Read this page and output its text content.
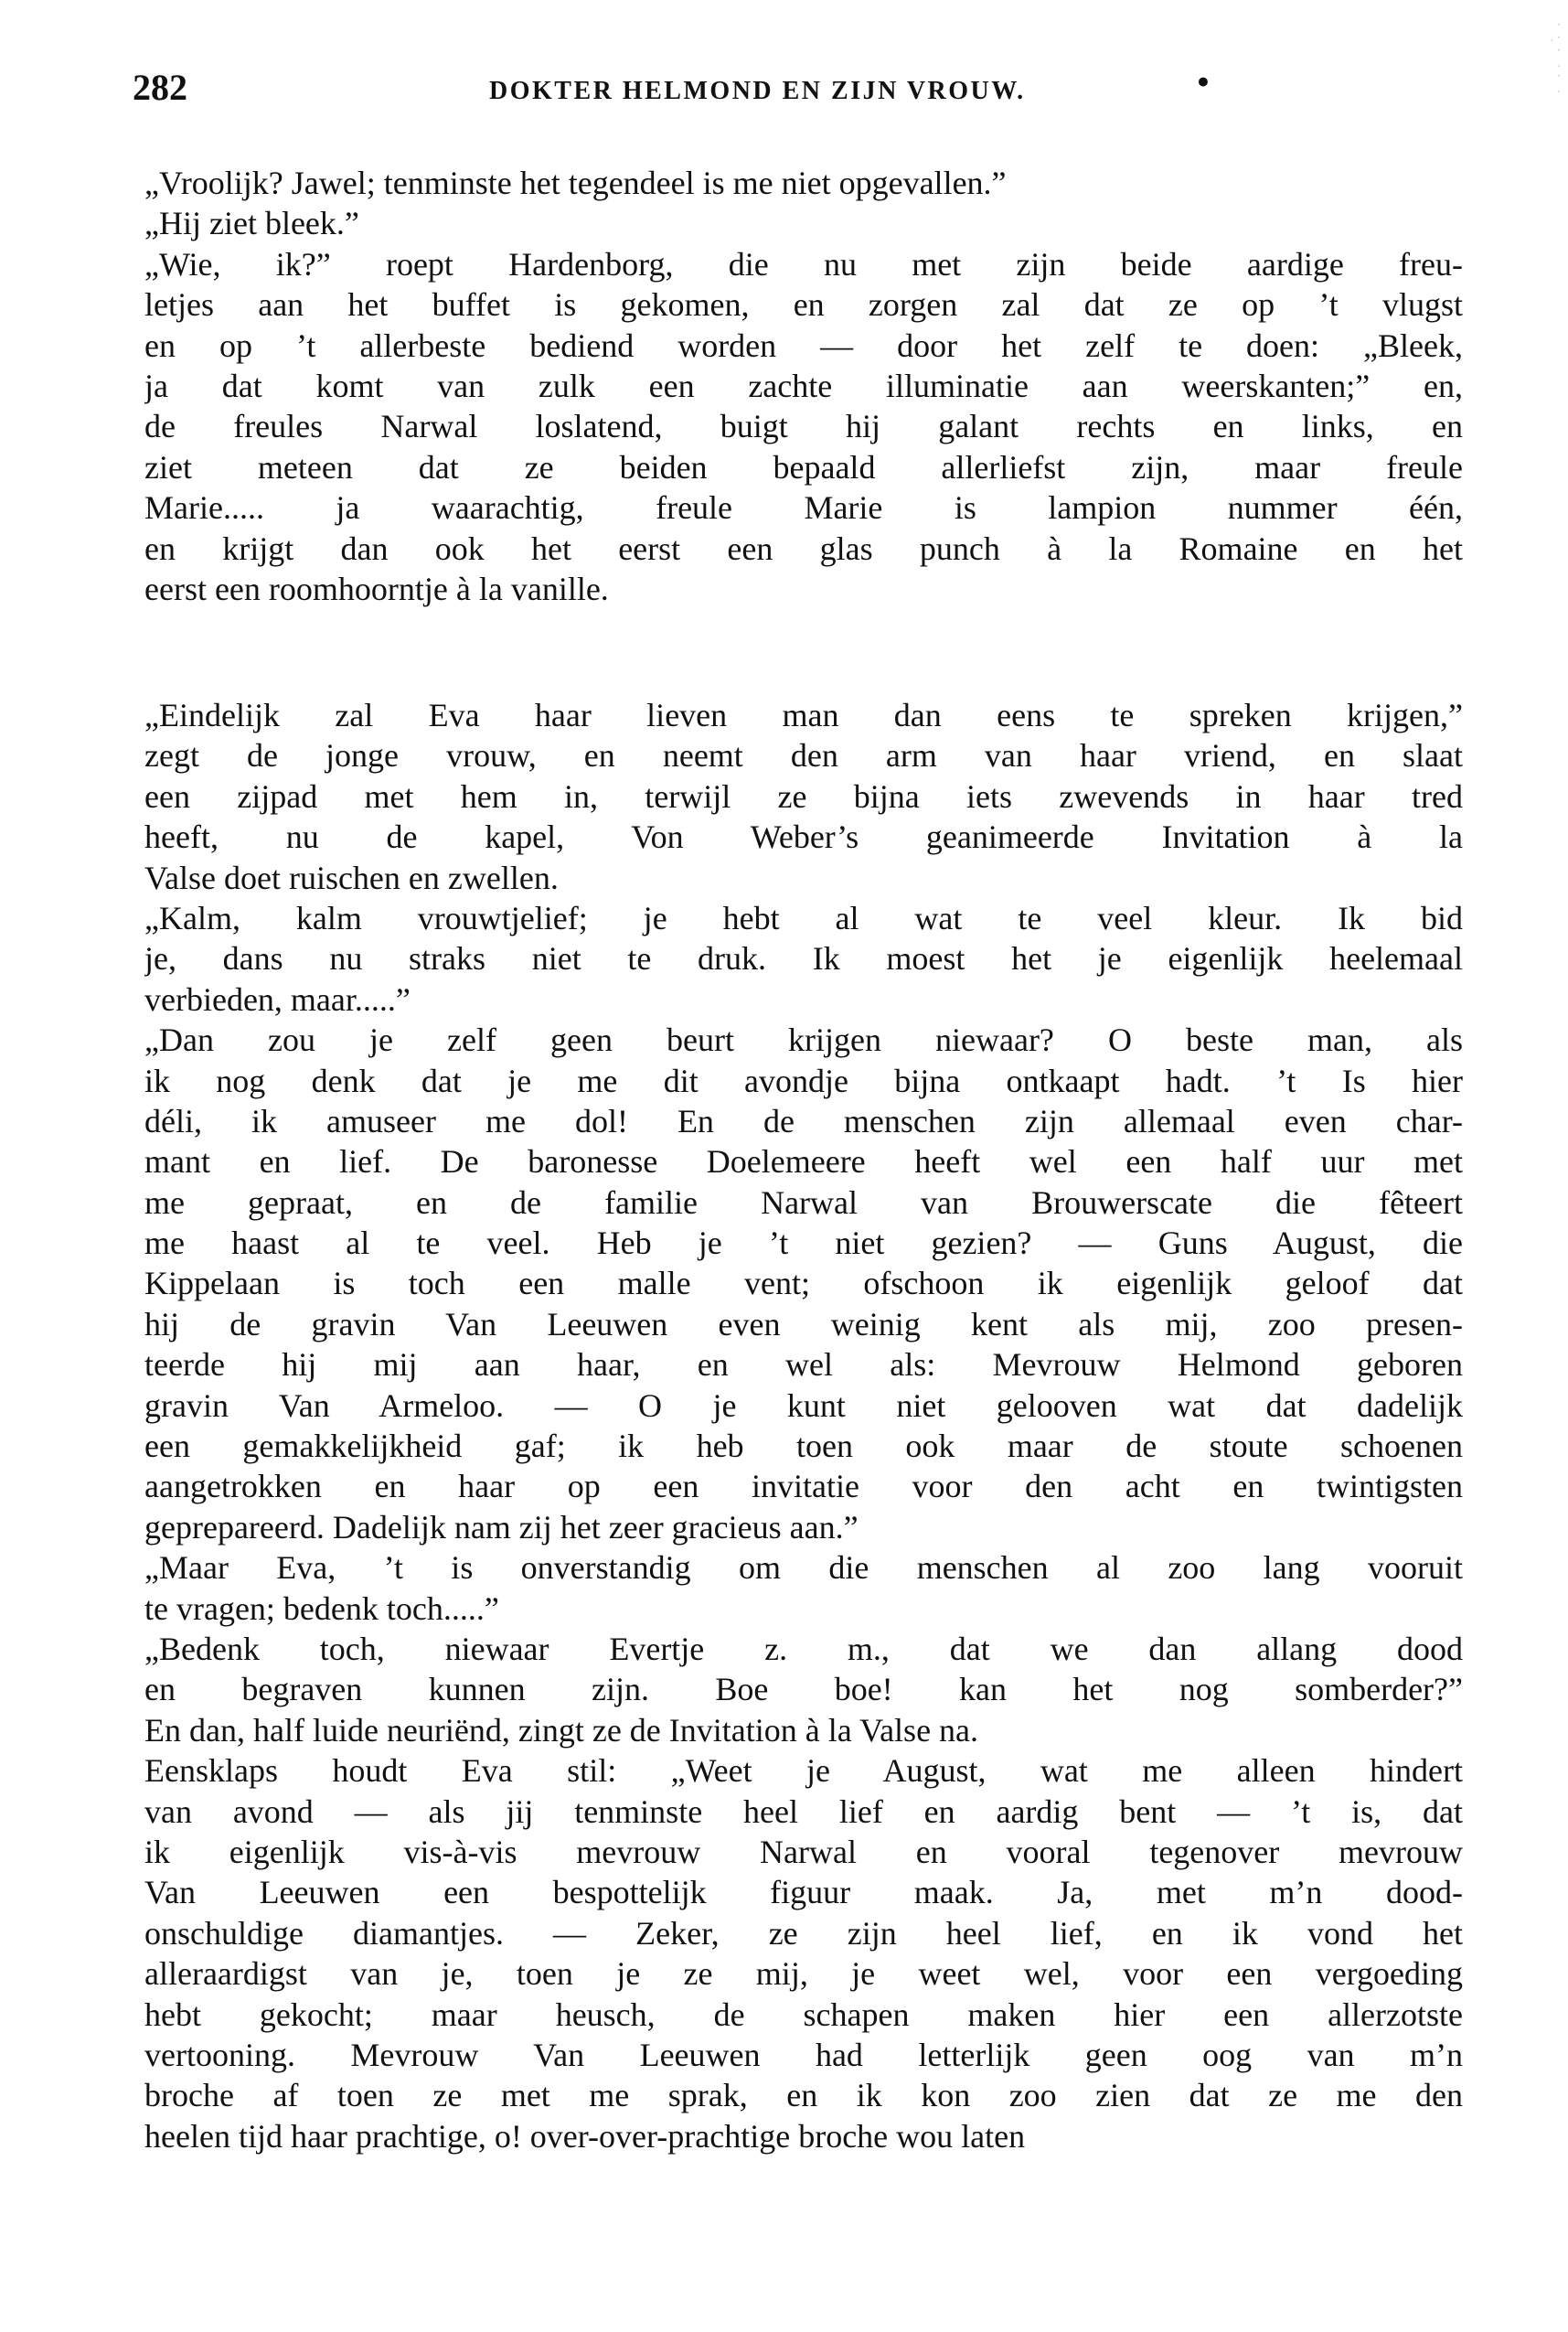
282	DOKTER HELMOND EN ZIJN VROUW.	•
·
. ·
·
.
·
.
„Vroolijk? Jawel; tenminste het tegendeel is me niet opgevallen.”
„Hij ziet bleek.”
„Wie, ik?” roept Hardenborg, die nu met zijn beide aardige freu-
letjes aan het buffet is gekomen, en zorgen zal dat ze op ’t vlugst
en op ’t allerbeste bediend worden — door het zelf te doen: „Bleek,
ja dat komt van zulk een zachte illuminatie aan weerskanten;” en,
de freules Narwal loslatend, buigt hij galant rechts en links, en
ziet meteen dat ze beiden bepaald allerliefst zijn, maar freule
Marie..... ja waarachtig, freule Marie is lampion nummer één,
en krijgt dan ook het eerst een glas punch à la Romaine en het
eerst een roomhoorntje à la vanille.
„Eindelijk zal Eva haar lieven man dan eens te spreken krijgen,”
zegt de jonge vrouw, en neemt den arm van haar vriend, en slaat
een zijpad met hem in, terwijl ze bijna iets zwevends in haar tred
heeft, nu de kapel, Von Weber’s geanimeerde Invitation à la
Valse doet ruischen en zwellen.
„Kalm, kalm vrouwtjelief; je hebt al wat te veel kleur. Ik bid
je, dans nu straks niet te druk. Ik moest het je eigenlijk heelemaal
verbieden, maar.....”
„Dan zou je zelf geen beurt krijgen niewaar? O beste man, als
ik nog denk dat je me dit avondje bijna ontkaapt hadt. ’t Is hier
déli, ik amuseer me dol! En de menschen zijn allemaal even char-
mant en lief. De baronesse Doelemeere heeft wel een half uur met
me gepraat, en de familie Narwal van Brouwerscate die fêteert
me haast al te veel. Heb je ’t niet gezien? — Guns August, die
Kippelaan is toch een malle vent; ofschoon ik eigenlijk geloof dat
hij de gravin Van Leeuwen even weinig kent als mij, zoo presen-
teerde hij mij aan haar, en wel als: Mevrouw Helmond geboren
gravin Van Armeloo. — O je kunt niet gelooven wat dat dadelijk
een gemakkelijkheid gaf; ik heb toen ook maar de stoute schoenen
aangetrokken en haar op een invitatie voor den acht en twintigsten
geprepareerd. Dadelijk nam zij het zeer gracieus aan.”
„Maar Eva, ’t is onverstandig om die menschen al zoo lang vooruit
te vragen; bedenk toch.....”
„Bedenk toch, niewaar Evertje z. m., dat we dan allang dood
en begraven kunnen zijn. Boe boe! kan het nog somberder?”
En dan, half luide neuriënd, zingt ze de Invitation à la Valse na.
Eensklaps houdt Eva stil: „Weet je August, wat me alleen hindert
van avond — als jij tenminste heel lief en aardig bent — ’t is, dat
ik eigenlijk vis-à-vis mevrouw Narwal en vooral tegenover mevrouw
Van Leeuwen een bespottelijk figuur maak. Ja, met m’n dood-
onschuldige diamantjes. — Zeker, ze zijn heel lief, en ik vond het
alleraardigst van je, toen je ze mij, je weet wel, voor een vergoeding
hebt gekocht; maar heusch, de schapen maken hier een allerzotste
vertooning. Mevrouw Van Leeuwen had letterlijk geen oog van m’n
broche af toen ze met me sprak, en ik kon zoo zien dat ze me den
heelen tijd haar prachtige, o! over-over-prachtige broche wou laten
